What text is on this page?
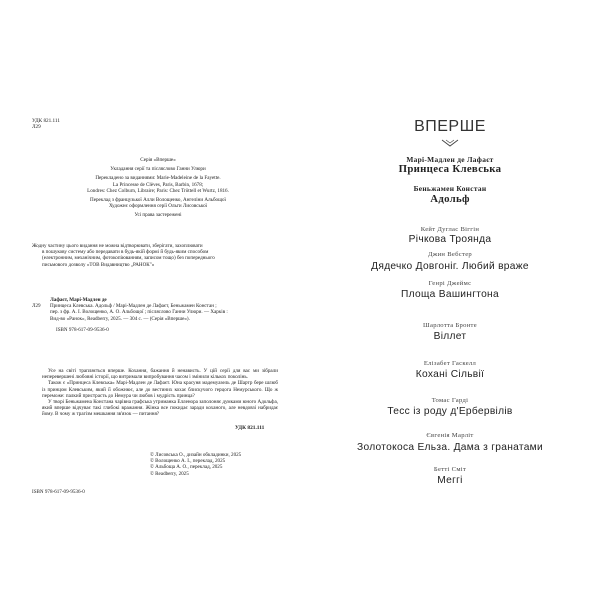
УДК 821.111
Л29
Серія «Вперше»
Укладання серії та післяслово Ганни Улюри
Перекладено за виданнями: Marie-Madeleine de la Fayette.
La Princesse de Clèves, Paris, Barbin, 1678;
Londres: Chez Colburn, Libraire; Paris: Chez Tröttell et Wurtz, 1816.
Переклад з французької Алли Волощенко, Ангеліни Альбощої
Художнє оформлення серії Ольги Лисовської
Усі права застережені
Жодну частину цього видання не можна відтворювати, зберігати, захоплювати
в пошукову систему або передавати в будь-якій формі й будь-яким способом
(електронним, механічним, фотокопіюванням, записом тощо) без попереднього
письмового дозволу «ТОВ Видавництво „РАНОК"»
Лафаєт, Марі-Мадлен де
Л29	Принцеса Клевська. Адольф / Марі-Мадлен де Лафаєт, Беньжамен Констан ;
пер. з фр. А. І. Волощенко, А. О. Альбощої ; післяслово Ганни Улюри. — Харків :
Вид-во «Ранок», Readberry, 2025. — 304 с. — (Серія «Вперше»).
ISBN 978-617-09-9536-0

Усе на світі трапляється вперше. Кохання, бажання й ненависть. У цій серії для вас ми зібрали неперевершені любовні історії, що витримали випробування часом і змінили кількох поколінь.

Також є «Принцеса Клевська» Марі-Мадлен де Лафаєт. Юна красуня мадемуазель де Шартр бере шлюб із принцом Клевським, який її обожнює, але до вестиних кохає блискучого герцога Немурського. Що ж переможе: палкий пристрасть до Немура чи любов і мудрість принца?

У творі Беньжамена Констана чарівна графська утриманка Елленора заполоняє думками юного Адольфа, який вперше відчуває такі глибокі вражання. Жінка все покидає заради коханого, але невдовзі набридає йому. В чому ж трагізм мешкання зв'язок — питання?

УДК 821.111
© Лисовська О., дизайн обкладинки, 2025
© Волощенко А. І., переклад, 2025
© Альбоща А. О., переклад, 2025
© Readberry, 2025
ISBN 978-617-09-9536-0
ВПЕРШЕ
Марі-Мадлен де Лафаєт
Принцеса Клевська
Беньжамен Констан
Адольф
Кейт Дуглас Віггін
Річкова Троянда
Джин Вебстер
Дядечко Довгоніг. Любий враже
Генрі Джеймс
Площа Вашингтона
Шарлотта Бронте
Віллет
Елізабет Гаскелл
Кохані Сільвії
Томас Гарді
Тесс із роду д'Ербервілів
Євгенія Марліт
Золотокоса Ельза. Дама з гранатами
Беттi Сміт
Меггі
